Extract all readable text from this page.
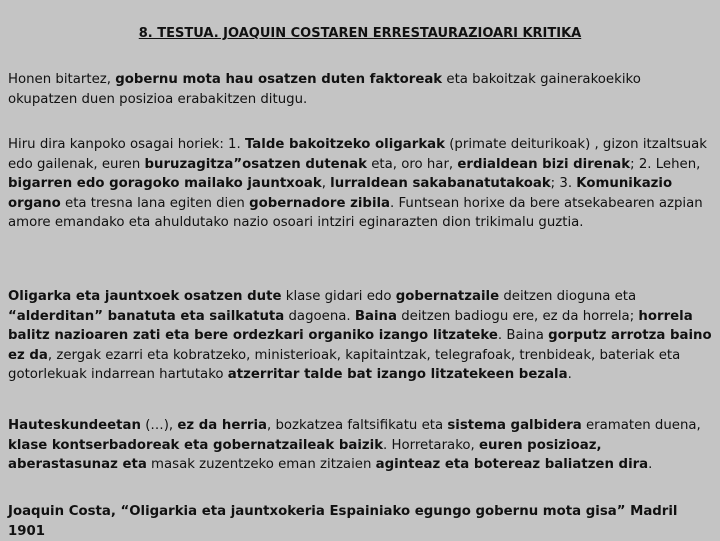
8. TESTUA. JOAQUIN COSTAREN ERRESTAURAZIOARI KRITIKA

Honen bitartez, gobernu mota hau osatzen duten faktoreak eta bakoitzak gainerakoekiko okupatzen duen posizioa erabakitzen ditugu.

Hiru dira kanpoko osagai horiek: 1. Talde bakoitzeko oligarkak (primate deiturikoak) , gizon itzaltsuak edo gailenak, euren buruzagitza”osatzen dutenak eta, oro har, erdialdean bizi direnak; 2. Lehen, bigarren edo goragoko mailako jauntxoak, lurraldean sakabanatutakoak; 3. Komunikazio organo eta tresna lana egiten dien gobernadore zibila. Funtsean horixe da bere atsekabearen azpian amore emandako eta ahuldutako nazio osoari intziri eginarazten dion trikimalu guztia.

Oligarka eta jauntxoek osatzen dute klase gidari edo gobernatzaile deitzen dioguna eta “alderditan” banatuta eta sailkatuta dagoena. Baina deitzen badiogu ere, ez da horrela; horrela balitz nazioaren zati eta bere ordezkari organiko izango litzateke. Baina gorputz arrotza baino ez da, zergak ezarri eta kobratzeko, ministerioak, kapitaintzak, telegrafoak, trenbideak, bateriak eta gotorlekuak indarrean hartutako atzerritar talde bat izango litzatekeen bezala.

Hauteskundeetan (…), ez da herria, bozkatzea faltsifikatu eta sistema galbidera eramaten duena, klase kontserbadoreak eta gobernatzaileak baizik. Horretarako, euren posizioaz, aberastasunaz eta masak zuzentzeko eman zitzaien aginteaz eta botereaz baliatzen dira.

Joaquin Costa, “Oligarkia eta jauntxokeria Espainiako egungo gobernu mota gisa” Madril 1901
